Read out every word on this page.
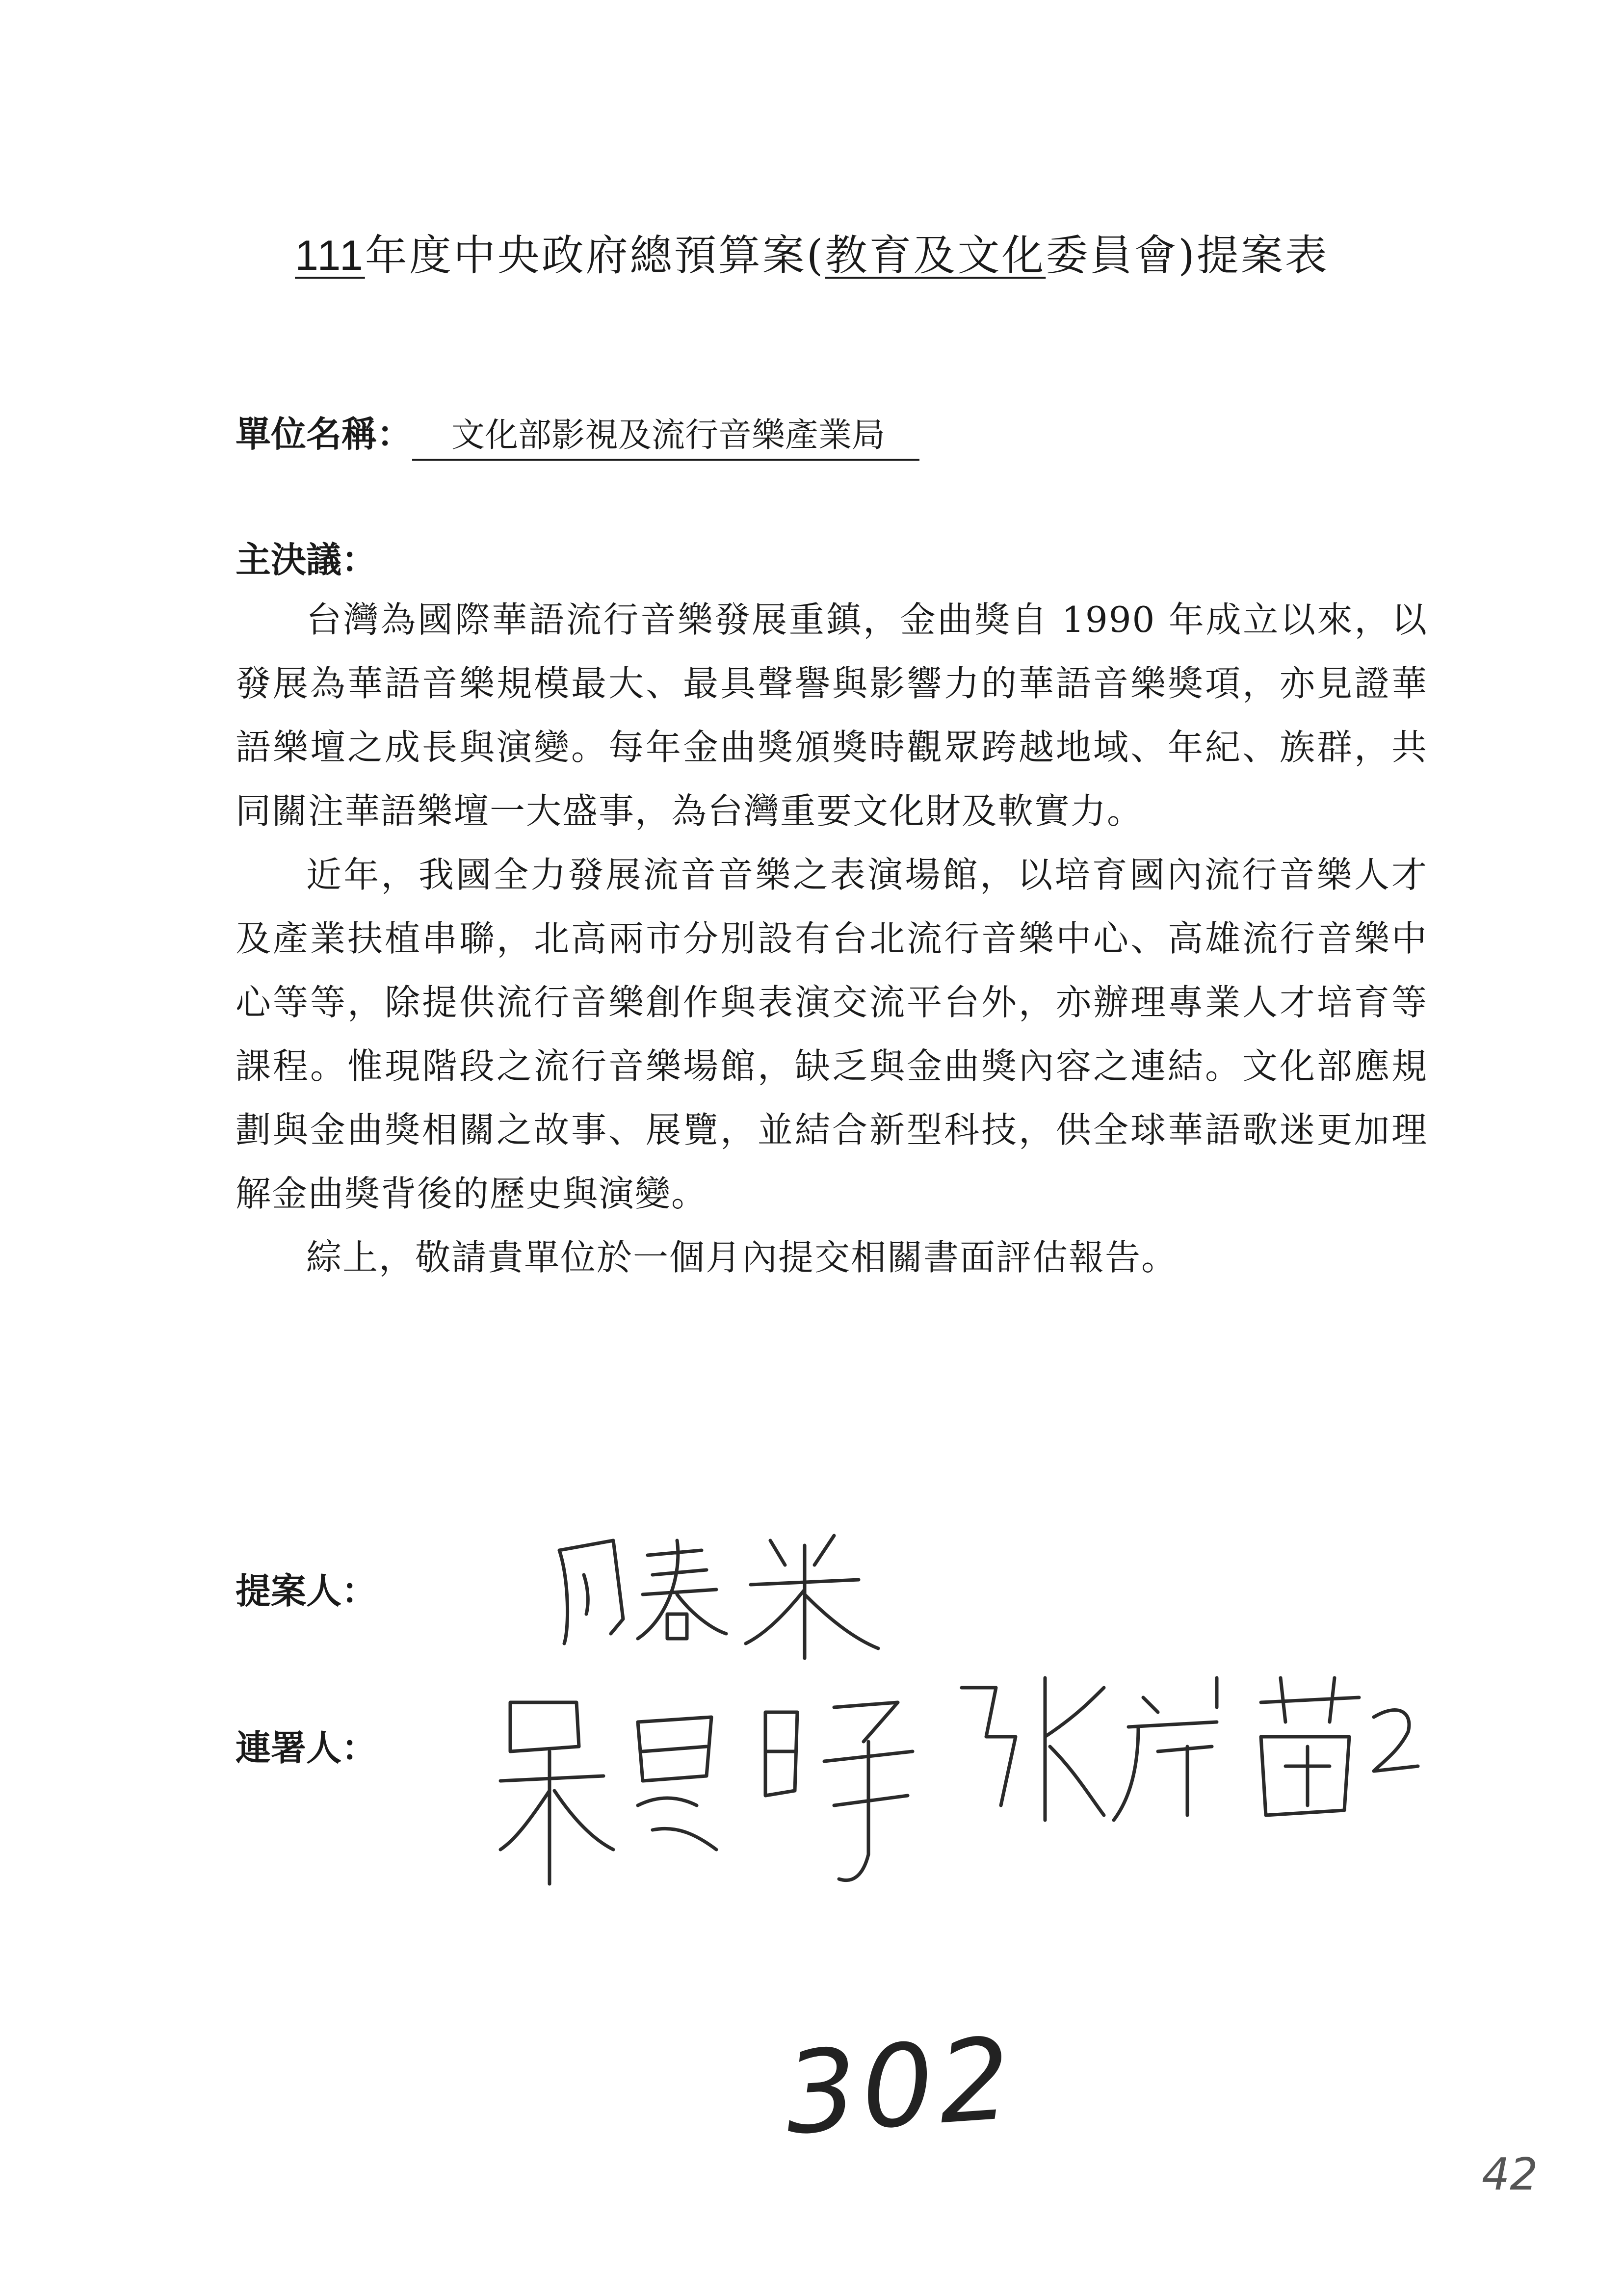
111年度中央政府總預算案(教育及文化委員會)提案表
單位名稱： 文化部影視及流行音樂產業局
主決議：

台灣為國際華語流行音樂發展重鎮，金曲獎自 1990 年成立以來，以發展為華語音樂規模最大、最具聲譽與影響力的華語音樂獎項，亦見證華語樂壇之成長與演變。每年金曲獎頒獎時觀眾跨越地域、年紀、族群，共同關注華語樂壇一大盛事，為台灣重要文化財及軟實力。

近年，我國全力發展流音音樂之表演場館，以培育國內流行音樂人才及產業扶植串聯，北高兩市分別設有台北流行音樂中心、高雄流行音樂中心等等，除提供流行音樂創作與表演交流平台外，亦辦理專業人才培育等課程。惟現階段之流行音樂場館，缺乏與金曲獎內容之連結。文化部應規劃與金曲獎相關之故事、展覽，並結合新型科技，供全球華語歌迷更加理解金曲獎背後的歷史與演變。

綜上，敬請貴單位於一個月內提交相關書面評估報告。

提案人：
連署人：
302
42
